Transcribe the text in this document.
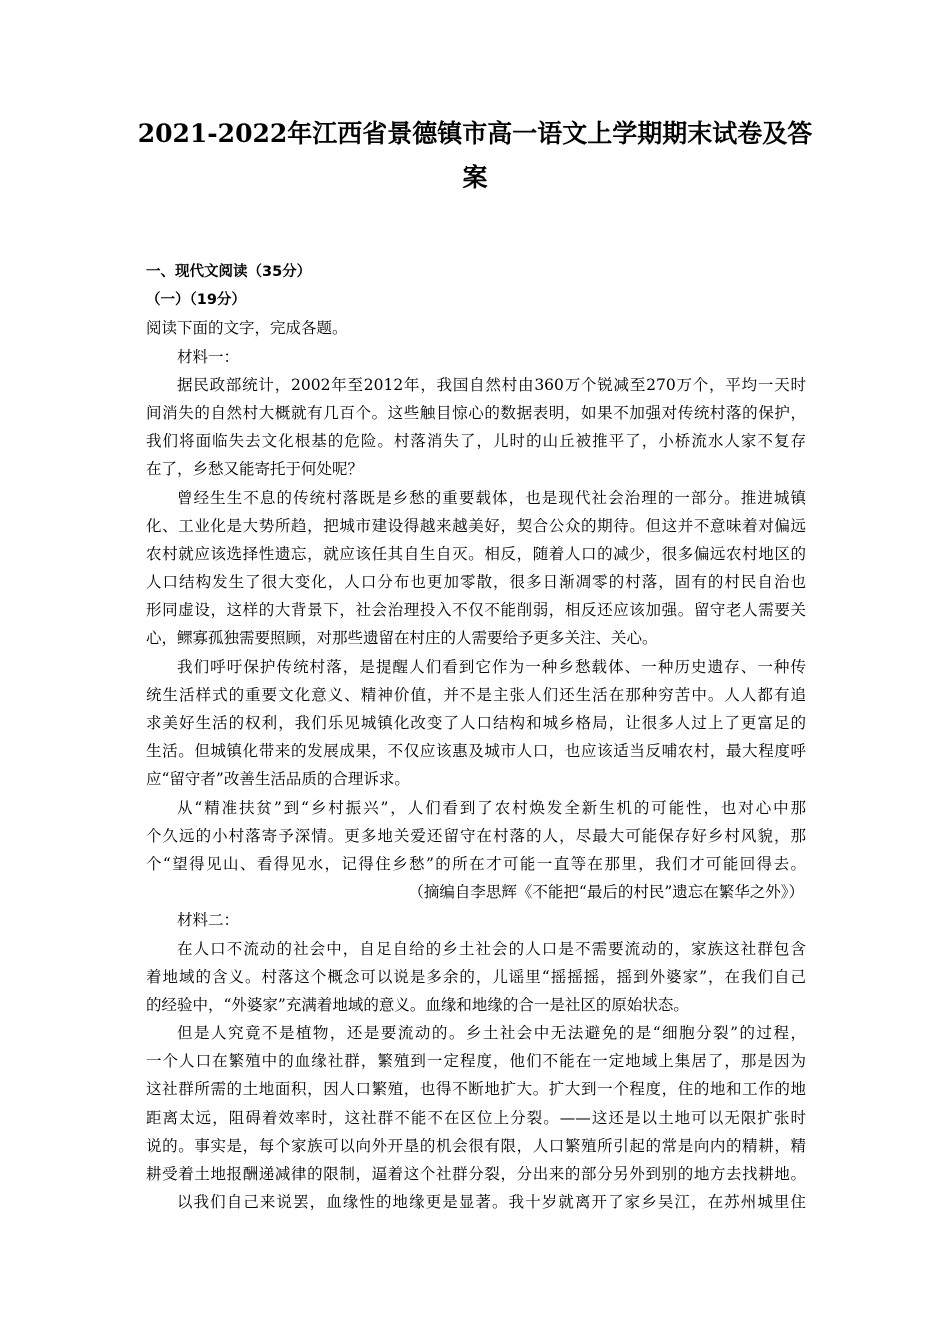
2021-2022年江西省景德镇市高一语文上学期期末试卷及答
案

一、现代文阅读（35分）

（一）（19分）

阅读下面的文字，完成各题。

材料一：

据民政部统计，2002年至2012年，我国自然村由360万个锐减至270万个，平均一天时

间消失的自然村大概就有几百个。这些触目惊心的数据表明，如果不加强对传统村落的保护，

我们将面临失去文化根基的危险。村落消失了，儿时的山丘被推平了，小桥流水人家不复存

在了，乡愁又能寄托于何处呢？

曾经生生不息的传统村落既是乡愁的重要载体，也是现代社会治理的一部分。推进城镇

化、工业化是大势所趋，把城市建设得越来越美好，契合公众的期待。但这并不意味着对偏远

农村就应该选择性遗忘，就应该任其自生自灭。相反，随着人口的减少，很多偏远农村地区的

人口结构发生了很大变化，人口分布也更加零散，很多日渐凋零的村落，固有的村民自治也

形同虚设，这样的大背景下，社会治理投入不仅不能削弱，相反还应该加强。留守老人需要关

心，鳏寡孤独需要照顾，对那些遗留在村庄的人需要给予更多关注、关心。

我们呼吁保护传统村落，是提醒人们看到它作为一种乡愁载体、一种历史遗存、一种传

统生活样式的重要文化意义、精神价值，并不是主张人们还生活在那种穷苦中。人人都有追

求美好生活的权利，我们乐见城镇化改变了人口结构和城乡格局，让很多人过上了更富足的

生活。但城镇化带来的发展成果，不仅应该惠及城市人口，也应该适当反哺农村，最大程度呼

应“留守者”改善生活品质的合理诉求。

从“精准扶贫”到“乡村振兴”，人们看到了农村焕发全新生机的可能性，也对心中那

个久远的小村落寄予深情。更多地关爱还留守在村落的人，尽最大可能保存好乡村风貌，那

个“望得见山、看得见水，记得住乡愁”的所在才可能一直等在那里，我们才可能回得去。

（摘编自李思辉《不能把“最后的村民”遗忘在繁华之外》）

材料二：

在人口不流动的社会中，自足自给的乡土社会的人口是不需要流动的，家族这社群包含

着地域的含义。村落这个概念可以说是多余的，儿谣里“摇摇摇，摇到外婆家”，在我们自己

的经验中，“外婆家”充满着地域的意义。血缘和地缘的合一是社区的原始状态。

但是人究竟不是植物，还是要流动的。乡土社会中无法避免的是“细胞分裂”的过程，

一个人口在繁殖中的血缘社群，繁殖到一定程度，他们不能在一定地域上集居了，那是因为

这社群所需的土地面积，因人口繁殖，也得不断地扩大。扩大到一个程度，住的地和工作的地

距离太远，阻碍着效率时，这社群不能不在区位上分裂。——这还是以土地可以无限扩张时

说的。事实是，每个家族可以向外开垦的机会很有限，人口繁殖所引起的常是向内的精耕，精

耕受着土地报酬递减律的限制，逼着这个社群分裂，分出来的部分另外到别的地方去找耕地。

以我们自己来说罢，血缘性的地缘更是显著。我十岁就离开了家乡吴江，在苏州城里住
